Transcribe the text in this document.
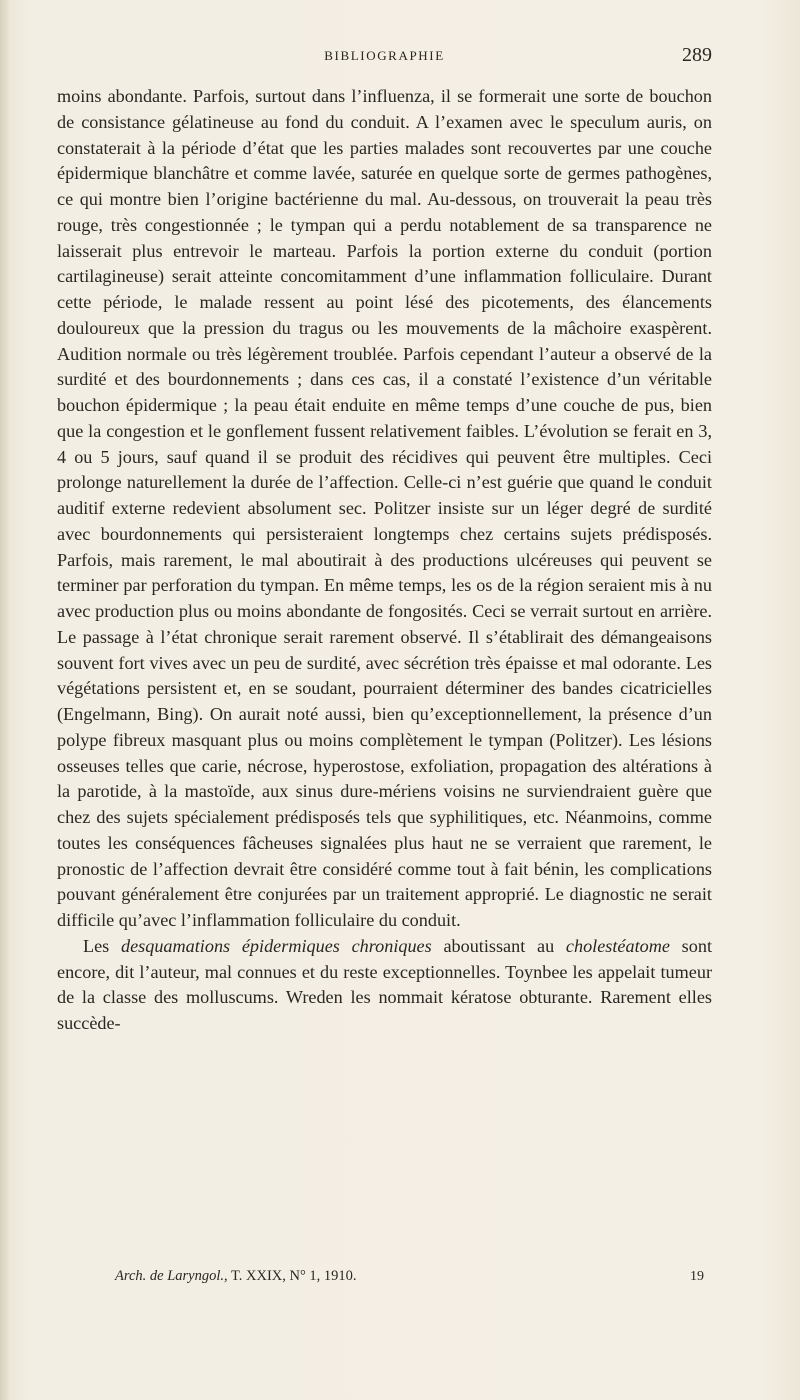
BIBLIOGRAPHIE	289

moins abondante. Parfois, surtout dans l’influenza, il se formerait une sorte de bouchon de consistance gélatineuse au fond du conduit. A l’examen avec le speculum auris, on constaterait à la période d’état que les parties malades sont recouvertes par une couche épidermique blanchâtre et comme lavée, saturée en quelque sorte de germes pathogènes, ce qui montre bien l’origine bactérienne du mal. Au-dessous, on trouverait la peau très rouge, très congestionnée ; le tympan qui a perdu notablement de sa transparence ne laisserait plus entrevoir le marteau. Parfois la portion externe du conduit (portion cartilagineuse) serait atteinte concomitamment d’une inflammation folliculaire. Durant cette période, le malade ressent au point lésé des picotements, des élancements douloureux que la pression du tragus ou les mouvements de la mâchoire exaspèrent. Audition normale ou très légèrement troublée. Parfois cependant l’auteur a observé de la surdité et des bourdonnements ; dans ces cas, il a constaté l’existence d’un véritable bouchon épidermique ; la peau était enduite en même temps d’une couche de pus, bien que la congestion et le gonflement fussent relativement faibles. L’évolution se ferait en 3, 4 ou 5 jours, sauf quand il se produit des récidives qui peuvent être multiples. Ceci prolonge naturellement la durée de l’affection. Celle-ci n’est guérie que quand le conduit auditif externe redevient absolument sec. Politzer insiste sur un léger degré de surdité avec bourdonnements qui persisteraient longtemps chez certains sujets prédisposés. Parfois, mais rarement, le mal aboutirait à des productions ulcéreuses qui peuvent se terminer par perforation du tympan. En même temps, les os de la région seraient mis à nu avec production plus ou moins abondante de fongosités. Ceci se verrait surtout en arrière. Le passage à l’état chronique serait rarement observé. Il s’établirait des démangeaisons souvent fort vives avec un peu de surdité, avec sécrétion très épaisse et mal odorante. Les végétations persistent et, en se soudant, pourraient déterminer des bandes cicatricielles (Engelmann, Bing). On aurait noté aussi, bien qu’exceptionnellement, la présence d’un polype fibreux masquant plus ou moins complètement le tympan (Politzer). Les lésions osseuses telles que carie, nécrose, hyperostose, exfoliation, propagation des altérations à la parotide, à la mastoïde, aux sinus dure-mériens voisins ne surviendraient guère que chez des sujets spécialement prédisposés tels que syphilitiques, etc. Néanmoins, comme toutes les conséquences fâcheuses signalées plus haut ne se verraient que rarement, le pronostic de l’affection devrait être considéré comme tout à fait bénin, les complications pouvant généralement être conjurées par un traitement approprié. Le diagnostic ne serait difficile qu’avec l’inflammation folliculaire du conduit.

Les desquamations épidermiques chroniques aboutissant au cholestéatome sont encore, dit l’auteur, mal connues et du reste exceptionnelles. Toynbee les appelait tumeur de la classe des molluscums. Wreden les nommait kératose obturante. Rarement elles succède-

Arch. de Laryngol., T. XXIX, N° 1, 1910.	19
